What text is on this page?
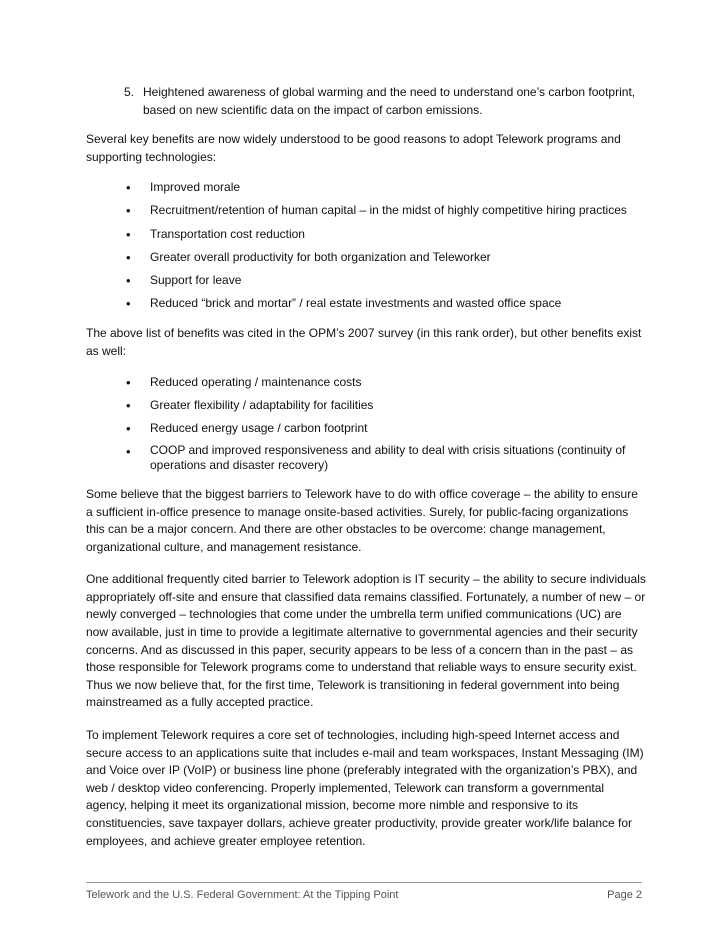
5. Heightened awareness of global warming and the need to understand one’s carbon footprint, based on new scientific data on the impact of carbon emissions.

Several key benefits are now widely understood to be good reasons to adopt Telework programs and supporting technologies:

•	Improved morale
•	Recruitment/retention of human capital – in the midst of highly competitive hiring practices
•	Transportation cost reduction
•	Greater overall productivity for both organization and Teleworker
•	Support for leave
•	Reduced “brick and mortar” / real estate investments and wasted office space

The above list of benefits was cited in the OPM’s 2007 survey (in this rank order), but other benefits exist as well:

•	Reduced operating / maintenance costs
•	Greater flexibility / adaptability for facilities
•	Reduced energy usage / carbon footprint
•	COOP and improved responsiveness and ability to deal with crisis situations (continuity of operations and disaster recovery)

Some believe that the biggest barriers to Telework have to do with office coverage – the ability to ensure a sufficient in-office presence to manage onsite-based activities. Surely, for public-facing organizations this can be a major concern. And there are other obstacles to be overcome: change management, organizational culture, and management resistance.

One additional frequently cited barrier to Telework adoption is IT security – the ability to secure individuals appropriately off-site and ensure that classified data remains classified. Fortunately, a number of new – or newly converged – technologies that come under the umbrella term unified communications (UC) are now available, just in time to provide a legitimate alternative to governmental agencies and their security concerns. And as discussed in this paper, security appears to be less of a concern than in the past – as those responsible for Telework programs come to understand that reliable ways to ensure security exist. Thus we now believe that, for the first time, Telework is transitioning in federal government into being mainstreamed as a fully accepted practice.

To implement Telework requires a core set of technologies, including high-speed Internet access and secure access to an applications suite that includes e-mail and team workspaces, Instant Messaging (IM) and Voice over IP (VoIP) or business line phone (preferably integrated with the organization’s PBX), and web / desktop video conferencing. Properly implemented, Telework can transform a governmental agency, helping it meet its organizational mission, become more nimble and responsive to its constituencies, save taxpayer dollars, achieve greater productivity, provide greater work/life balance for employees, and achieve greater employee retention.

Telework and the U.S. Federal Government: At the Tipping Point	Page 2
